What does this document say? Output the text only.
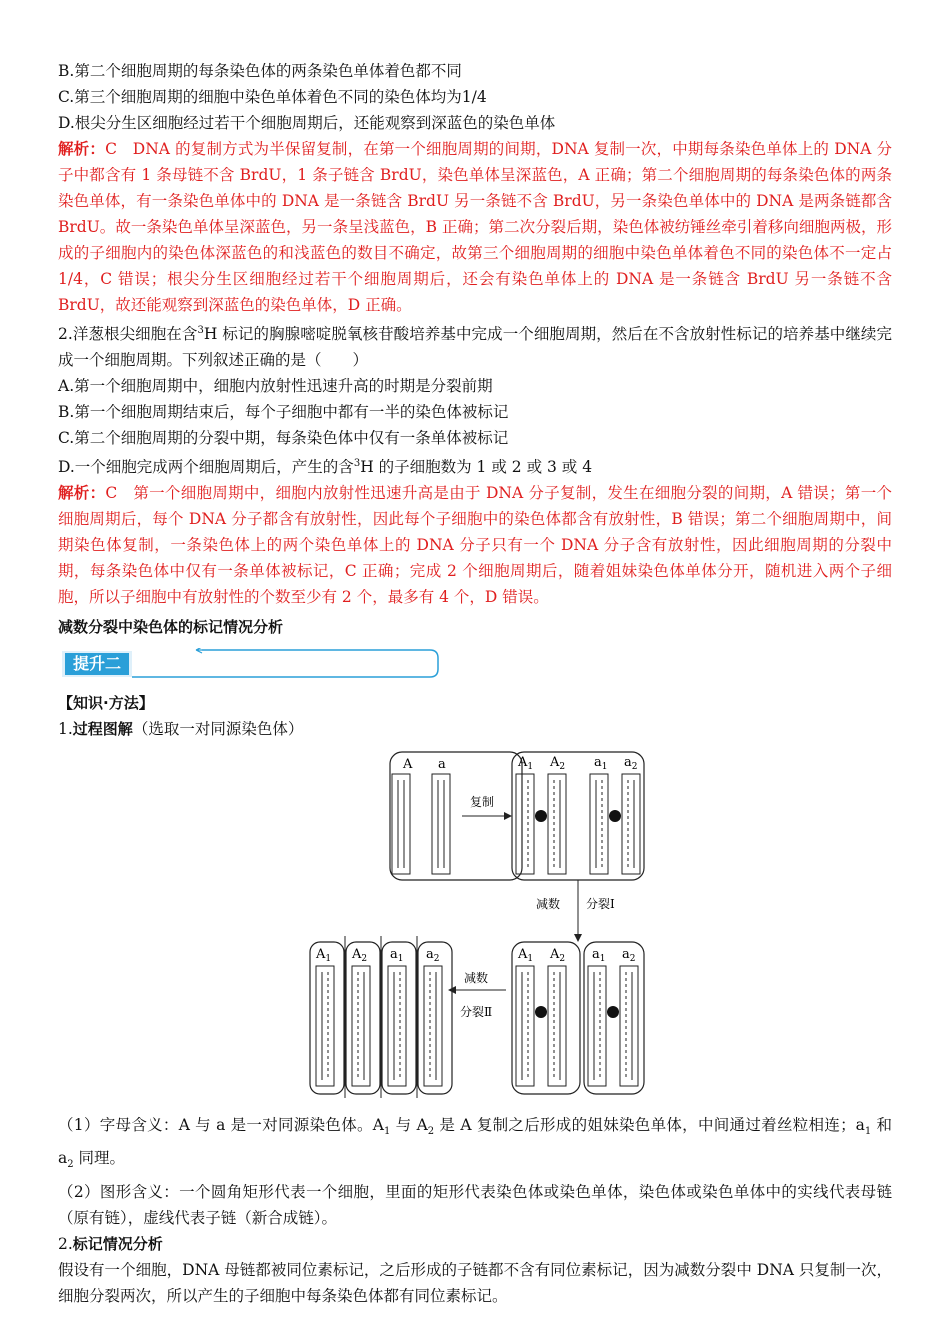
B.第二个细胞周期的每条染色体的两条染色单体着色都不同
C.第三个细胞周期的细胞中染色单体着色不同的染色体均为1/4
D.根尖分生区细胞经过若干个细胞周期后，还能观察到深蓝色的染色单体
解析：C　DNA 的复制方式为半保留复制，在第一个细胞周期的间期，DNA 复制一次，中期每条染色单体上的 DNA 分子中都含有 1 条母链不含 BrdU，1 条子链含 BrdU，染色单体呈深蓝色，A 正确；第二个细胞周期的每条染色体的两条染色单体，有一条染色单体中的 DNA 是一条链含 BrdU 另一条链不含 BrdU，另一条染色单体中的 DNA 是两条链都含 BrdU。故一条染色单体呈深蓝色，另一条呈浅蓝色，B 正确；第二次分裂后期，染色体被纺锤丝牵引着移向细胞两极，形成的子细胞内的染色体深蓝色的和浅蓝色的数目不确定，故第三个细胞周期的细胞中染色单体着色不同的染色体不一定占 1/4，C 错误；根尖分生区细胞经过若干个细胞周期后，还会有染色单体上的 DNA 是一条链含 BrdU 另一条链不含 BrdU，故还能观察到深蓝色的染色单体，D 正确。
2.洋葱根尖细胞在含$^3$H 标记的胸腺嘧啶脱氧核苷酸培养基中完成一个细胞周期，然后在不含放射性标记的培养基中继续完成一个细胞周期。下列叙述正确的是（　　）
A.第一个细胞周期中，细胞内放射性迅速升高的时期是分裂前期
B.第一个细胞周期结束后，每个子细胞中都有一半的染色体被标记
C.第二个细胞周期的分裂中期，每条染色体中仅有一条单体被标记
D.一个细胞完成两个细胞周期后，产生的含$^3$H 的子细胞数为 1 或 2 或 3 或 4
解析：C　第一个细胞周期中，细胞内放射性迅速升高是由于 DNA 分子复制，发生在细胞分裂的间期，A 错误；第一个细胞周期后，每个 DNA 分子都含有放射性，因此每个子细胞中的染色体都含有放射性，B 错误；第二个细胞周期中，间期染色体复制，一条染色体上的两个染色单体上的 DNA 分子只有一个 DNA 分子含有放射性，因此细胞周期的分裂中期，每条染色体中仅有一条单体被标记，C 正确；完成 2 个细胞周期后，随着姐妹染色体单体分开，随机进入两个子细胞，所以子细胞中有放射性的个数至少有 2 个，最多有 4 个，D 错误。
减数分裂中染色体的标记情况分析
提升二
【知识·方法】
1.过程图解（选取一对同源染色体）
A a
复制
$A_1$ $A_2$ $a_1$ $a_2$
减数 分裂Ⅰ
$A_1$ $A_2$ $a_1$ $a_2$
减数
分裂Ⅱ
$A_1$ $A_2$ $a_1$ $a_2$
（1）字母含义：A 与 a 是一对同源染色体。$A_1$ 与 $A_2$ 是 A 复制之后形成的姐妹染色单体，中间通过着丝粒相连；$a_1$ 和 $a_2$ 同理。
（2）图形含义：一个圆角矩形代表一个细胞，里面的矩形代表染色体或染色单体，染色体或染色单体中的实线代表母链（原有链），虚线代表子链（新合成链）。
2.标记情况分析
假设有一个细胞，DNA 母链都被同位素标记，之后形成的子链都不含有同位素标记，因为减数分裂中 DNA 只复制一次，细胞分裂两次，所以产生的子细胞中每条染色体都有同位素标记。
